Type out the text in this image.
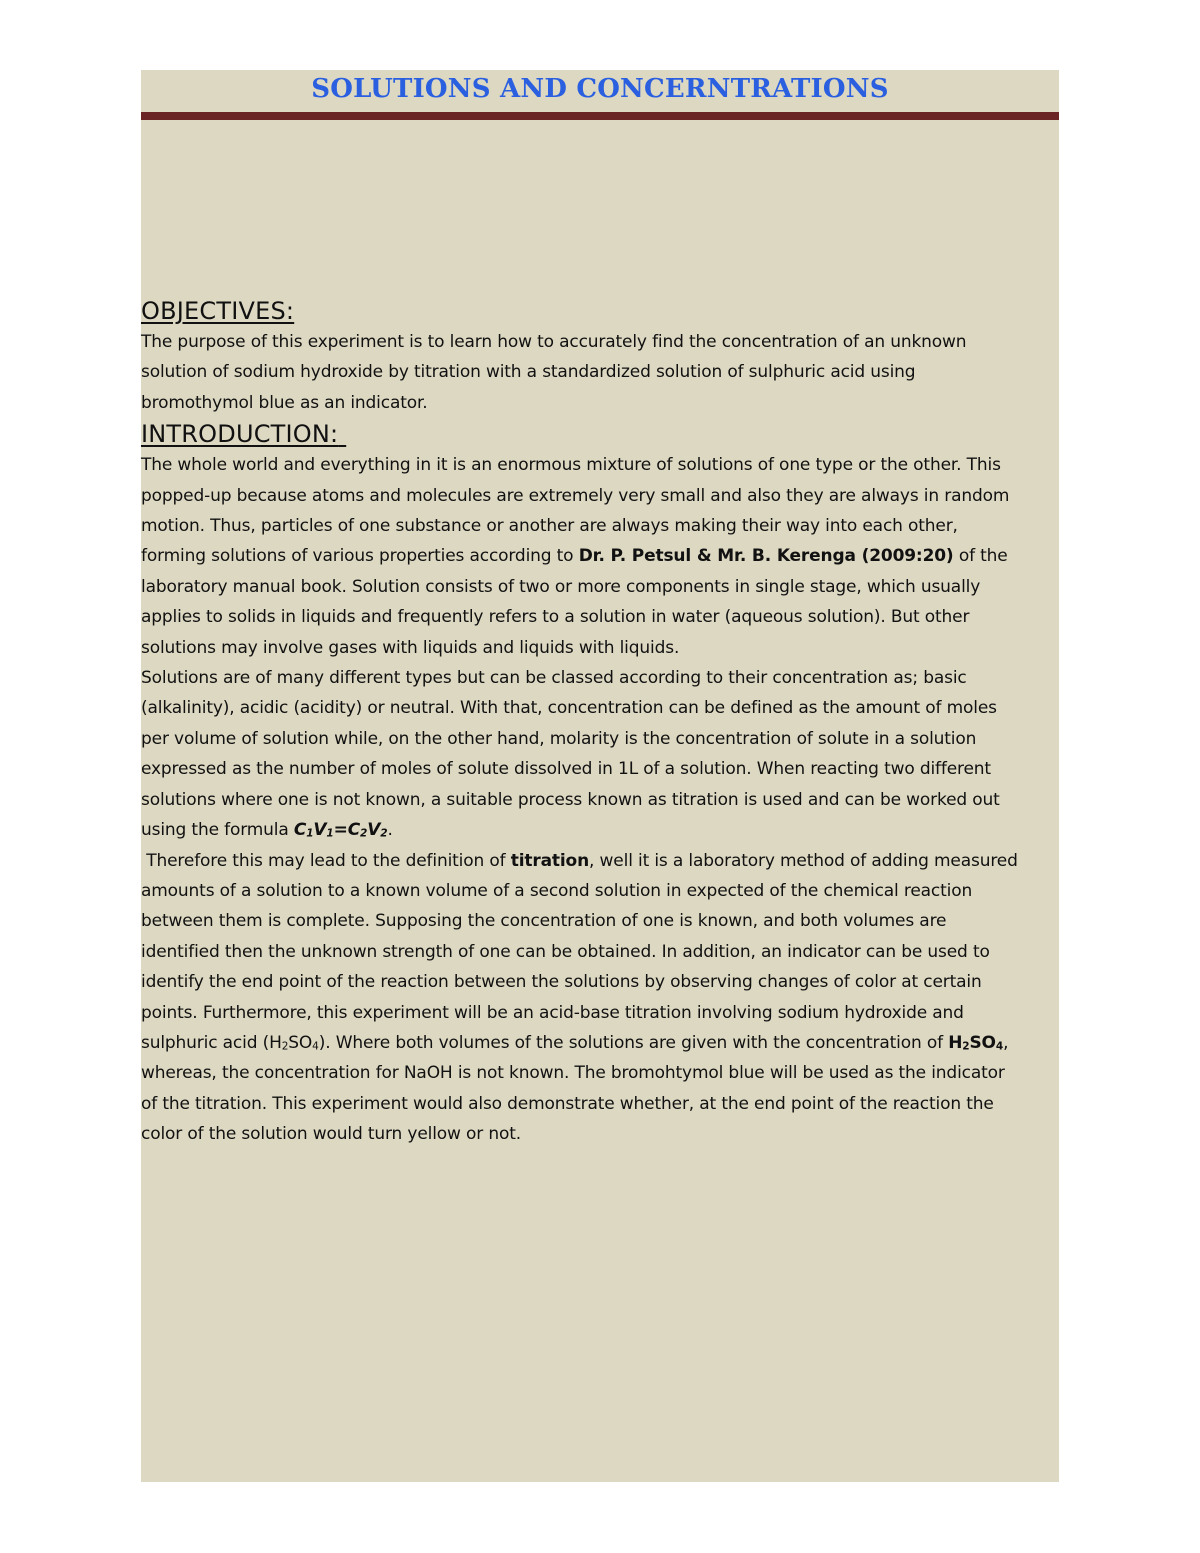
SOLUTIONS AND CONCERNTRATIONS
OBJECTIVES:

The purpose of this experiment is to learn how to accurately find the concentration of an unknown
solution of sodium hydroxide by titration with a standardized solution of sulphuric acid using
bromothymol blue as an indicator.

INTRODUCTION:

The whole world and everything in it is an enormous mixture of solutions of one type or the other. This
popped-up because atoms and molecules are extremely very small and also they are always in random
motion. Thus, particles of one substance or another are always making their way into each other,
forming solutions of various properties according to Dr. P. Petsul & Mr. B. Kerenga (2009:20) of the
laboratory manual book. Solution consists of two or more components in single stage, which usually
applies to solids in liquids and frequently refers to a solution in water (aqueous solution). But other
solutions may involve gases with liquids and liquids with liquids.

Solutions are of many different types but can be classed according to their concentration as; basic
(alkalinity), acidic (acidity) or neutral. With that, concentration can be defined as the amount of moles
per volume of solution while, on the other hand, molarity is the concentration of solute in a solution
expressed as the number of moles of solute dissolved in 1L of a solution. When reacting two different
solutions where one is not known, a suitable process known as titration is used and can be worked out
using the formula $C_1V_1=C_2V_2$.

Therefore this may lead to the definition of titration, well it is a laboratory method of adding measured
amounts of a solution to a known volume of a second solution in expected of the chemical reaction
between them is complete. Supposing the concentration of one is known, and both volumes are
identified then the unknown strength of one can be obtained. In addition, an indicator can be used to
identify the end point of the reaction between the solutions by observing changes of color at certain
points. Furthermore, this experiment will be an acid-base titration involving sodium hydroxide and
sulphuric acid $(H_2SO_4)$. Where both volumes of the solutions are given with the concentration of $H_2SO_4$,
whereas, the concentration for NaOH is not known. The bromohtymol blue will be used as the indicator
of the titration. This experiment would also demonstrate whether, at the end point of the reaction the
color of the solution would turn yellow or not.
